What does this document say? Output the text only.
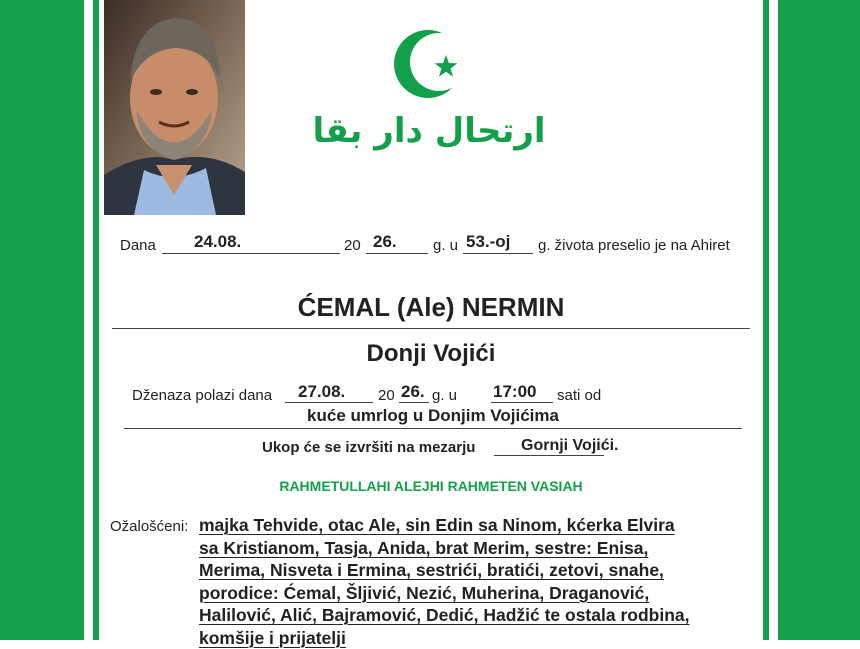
ارتحال دار بقا
Dana 24.08.	20 26. g. u 53.-oj g. života preselio je na Ahiret
ĆEMAL (Ale) NERMIN
Donji Vojići
Dženaza polazi dana 27.08. 20 26. g. u 17:00 sati od
kuće umrlog u Donjim Vojićima
Ukop će se izvršiti na mezarju	Gornji Vojići.
RAHMETULLAHI ALEJHI RAHMETEN VASIAH
Ožalošćeni: majka Tehvide, otac Ale, sin Edin sa Ninom, kćerka Elvira
sa Kristianom, Tasja, Anida, brat Merim, sestre: Enisa,
Merima, Nisveta i Ermina, sestrići, bratići, zetovi, snahe,
porodice: Ćemal, Šljivić, Nezić, Muherina, Draganović,
Halilović, Alić, Bajramović, Dedić, Hadžić te ostala rodbina,
komšije i prijatelji
